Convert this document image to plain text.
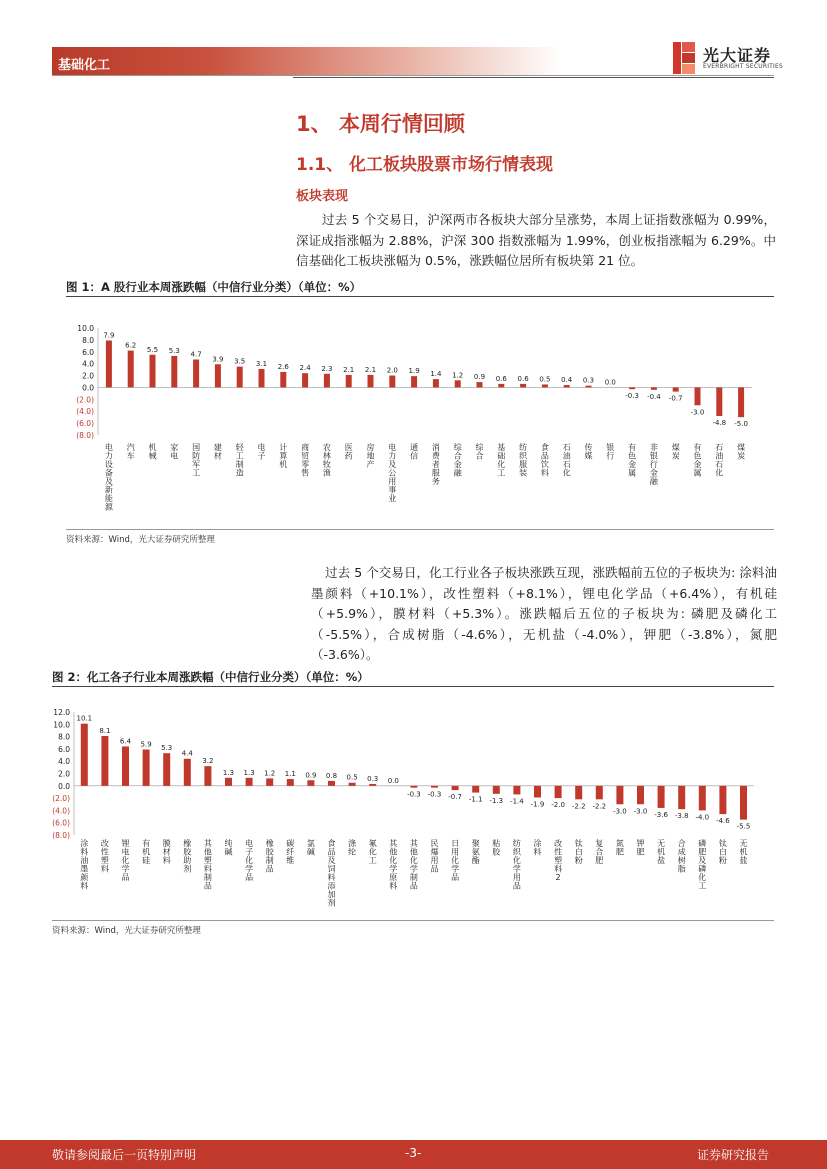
基础化工
光大证券
EVERBRIGHT SECURITIES
1、 本周行情回顾
1.1、 化工板块股票市场行情表现
板块表现
过去 5 个交易日，沪深两市各板块大部分呈涨势，本周上证指数涨幅为 0.99%，深证成指涨幅为 2.88%，沪深 300 指数涨幅为 1.99%，创业板指涨幅为 6.29%。中信基础化工板块涨幅为 0.5%，涨跌幅位居所有板块第 21 位。
图 1：A 股行业本周涨跌幅（中信行业分类）（单位：%）
10.0
8.0
6.0
4.0
2.0
0.0
(2.0)
(4.0)
(6.0)
(8.0)
7.9
电力设备及新能源
6.2
汽车
5.5
机械
5.3
家电
4.7
国防军工
3.9
建材
3.5
轻工制造
3.1
电子
2.6
计算机
2.4
商贸零售
2.3
农林牧渔
2.1
医药
2.1
房地产
2.0
电力及公用事业
1.9
通信
1.4
消费者服务
1.2
综合金融
0.9
综合
0.6
基础化工
0.6
纺织服装
0.5
食品饮料
0.4
石油石化
0.3
传媒
0.0
银行
-0.3
有色金属
-0.4
非银行金融
-0.7
煤炭
-3.0
有色金属
-4.8
石油石化
-5.0
煤炭
资料来源：Wind，光大证券研究所整理
过去 5 个交易日，化工行业各子板块涨跌互现，涨跌幅前五位的子板块为: 涂料油墨颜料（+10.1%），改性塑料（+8.1%），锂电化学品（+6.4%），有机硅（+5.9%），膜材料（+5.3%）。涨跌幅后五位的子板块为: 磷肥及磷化工（-5.5%），合成树脂（-4.6%），无机盐（-4.0%），钾肥（-3.8%），氮肥（-3.6%）。
图 2：化工各子行业本周涨跌幅（中信行业分类）（单位：%）
12.0
10.0
8.0
6.0
4.0
2.0
0.0
(2.0)
(4.0)
(6.0)
(8.0)
10.1
涂料油墨颜料
8.1
改性塑料
6.4
锂电化学品
5.9
有机硅
5.3
膜材料
4.4
橡胶助剂
3.2
其他塑料制品
1.3
纯碱
1.3
电子化学品
1.2
橡胶制品
1.1
碳纤维
0.9
氯碱
0.8
食品及饲料添加剂
0.5
涤纶
0.3
氟化工
0.0
其他化学原料
-0.3
其他化学制品
-0.3
民爆用品
-0.7
日用化学品
-1.1
聚氨酯
-1.3
粘胶
-1.4
纺织化学用品
-1.9
涂料
-2.0
改性塑料 2
-2.2
钛白粉
-2.2
复合肥
-3.0
氮肥
-3.0
钾肥
-3.6
无机盐
-3.8
合成树脂
-4.0
磷肥及磷化工
-4.6
钛白粉
-5.5
无机盐
资料来源：Wind，光大证券研究所整理
敬请参阅最后一页特别声明	-3-	证券研究报告
